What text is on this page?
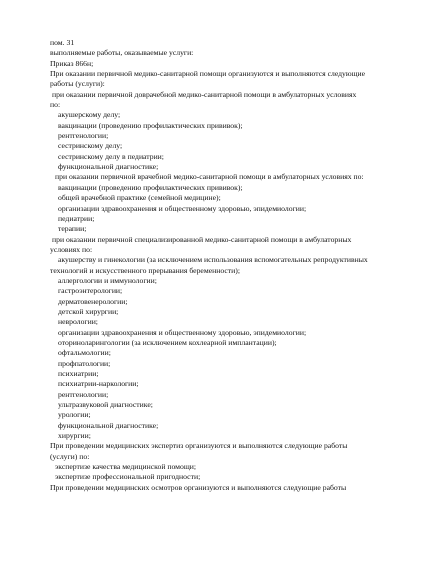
пом. 31
выполняемые работы, оказываемые услуги:
Приказ 866н;
При оказании первичной медико-санитарной помощи организуются и выполняются следующие
работы (услуги):
при оказании первичной доврачебной медико-санитарной помощи в амбулаторных условиях
по:
акушерскому делу;
вакцинации (проведению профилактических прививок);
рентгенологии;
сестринскому делу;
сестринскому делу в педиатрии;
функциональной диагностике;
при оказании первичной врачебной медико-санитарной помощи в амбулаторных условиях по:
вакцинации (проведению профилактических прививок);
общей врачебной практике (семейной медицине);
организации здравоохранения и общественному здоровью, эпидемиологии;
педиатрии;
терапии;
при оказании первичной специализированной медико-санитарной помощи в амбулаторных
условиях по:
акушерству и гинекологии (за исключением использования вспомогательных репродуктивных
технологий и искусственного прерывания беременности);
аллергологии и иммунологии;
гастроэнтерологии;
дерматовенерологии;
детской хирургии;
неврологии;
организации здравоохранения и общественному здоровью, эпидемиологии;
оториноларингологии (за исключением кохлеарной имплантации);
офтальмологии;
профпатологии;
психиатрии;
психиатрии-наркологии;
рентгенологии;
ультразвуковой диагностике;
урологии;
функциональной диагностике;
хирургии;
При проведении медицинских экспертиз организуются и выполняются следующие работы
(услуги) по:
экспертизе качества медицинской помощи;
экспертизе профессиональной пригодности;
При проведении медицинских осмотров организуются и выполняются следующие работы
